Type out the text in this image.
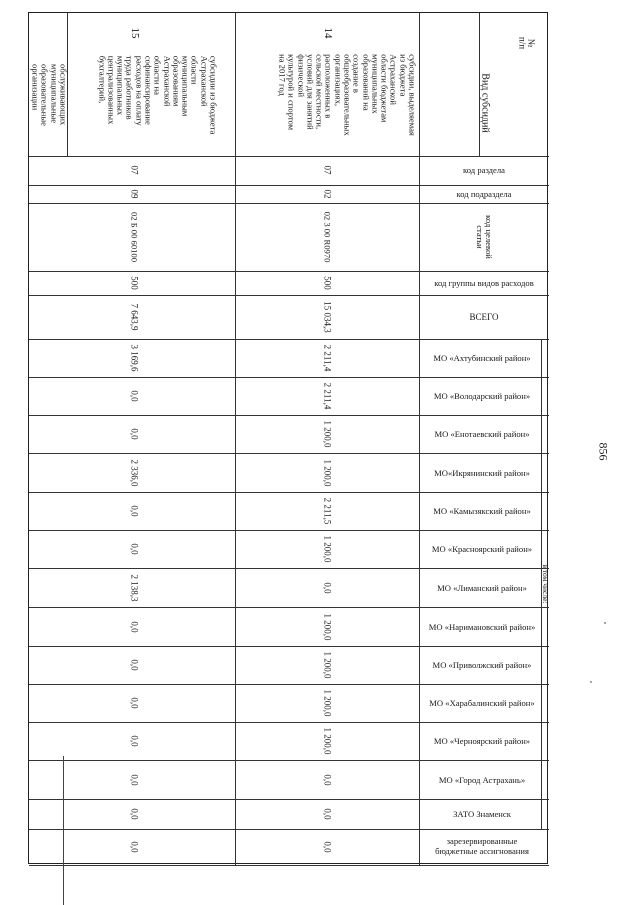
856
№
п/п
Вид субсидий
код раздела
код подраздела
код целевой
статьи
код группы видов расходов
ВСЕГО
в том числе:
МО «Ахтубинский район»
МО «Володарский район»
МО «Енотаевский район»
МО«Икрянинский район»
МО «Камызякский район»
МО «Красноярский район»
МО «Лиманский район»
МО «Наримановский район»
МО «Приволжский район»
МО «Харабалинский район»
МО «Черноярский район»
МО «Город Астрахань»
ЗАТО Знаменск
зарезервированные
бюджетные ассигнования
14
субсидии, выделяемая
из бюджета
Астраханской
области бюджетам
муниципальных
образований на
создание в
общеобразовательных
организациях,
расположенных в
сельской местности,
условий для занятий
физической
культурой и спортом
на 2017 год
07
02
02 3 00 R0970
500
15 034,3
2 211,4
2 211,4
1 200,0
1 200,0
2 211,5
1 200,0
0,0
1 200,0
1 200,0
1 200,0
1 200,0
0,0
0,0
0,0
15
субсидии из бюджета
Астраханской
области
муниципальным
образованиям
Астраханской
области на
софинансирование
расходов на оплату
труда работников
муниципальных
централизованных
бухгалтерий,
обслуживающих
муниципальные
образовательные
организации
07
09
02 Б 00 60100
500
7 643,9
3 169,6
0,0
0,0
2 336,0
0,0
0,0
2 138,3
0,0
0,0
0,0
0,0
0,0
0,0
0,0
